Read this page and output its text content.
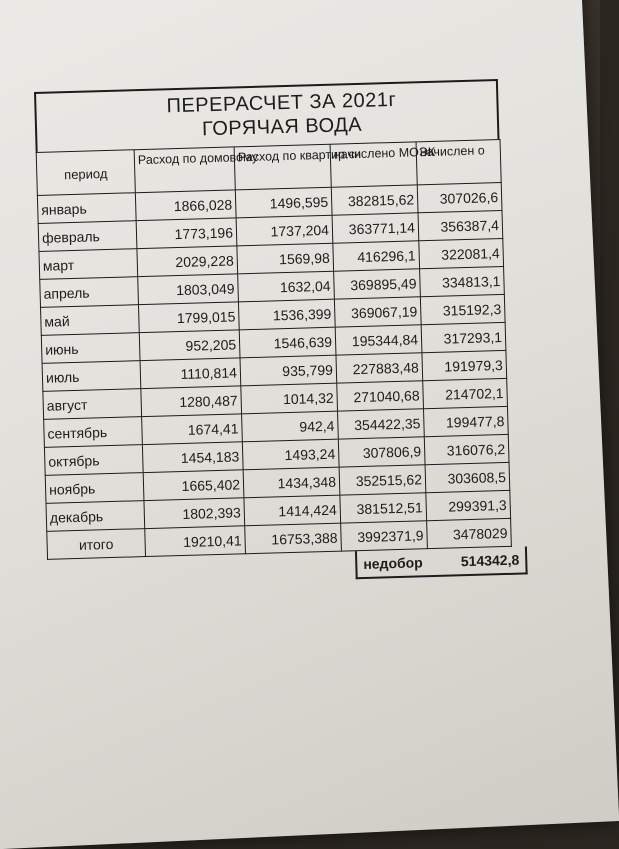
ПЕРЕРАСЧЕТ ЗА 2021г
ГОРЯЧАЯ ВОДА
период	Расход по домовому	Расход по квартир.сч	начислено МОЭК	начислен о
январь	1866,028	1496,595	382815,62	307026,6
февраль	1773,196	1737,204	363771,14	356387,4
март	2029,228	1569,98	416296,1	322081,4
апрель	1803,049	1632,04	369895,49	334813,1
май	1799,015	1536,399	369067,19	315192,3
июнь	952,205	1546,639	195344,84	317293,1
июль	1110,814	935,799	227883,48	191979,3
август	1280,487	1014,32	271040,68	214702,1
сентябрь	1674,41	942,4	354422,35	199477,8
октябрь	1454,183	1493,24	307806,9	316076,2
ноябрь	1665,402	1434,348	352515,62	303608,5
декабрь	1802,393	1414,424	381512,51	299391,3
итого	19210,41	16753,388	3992371,9	3478029
недобор	514342,8
